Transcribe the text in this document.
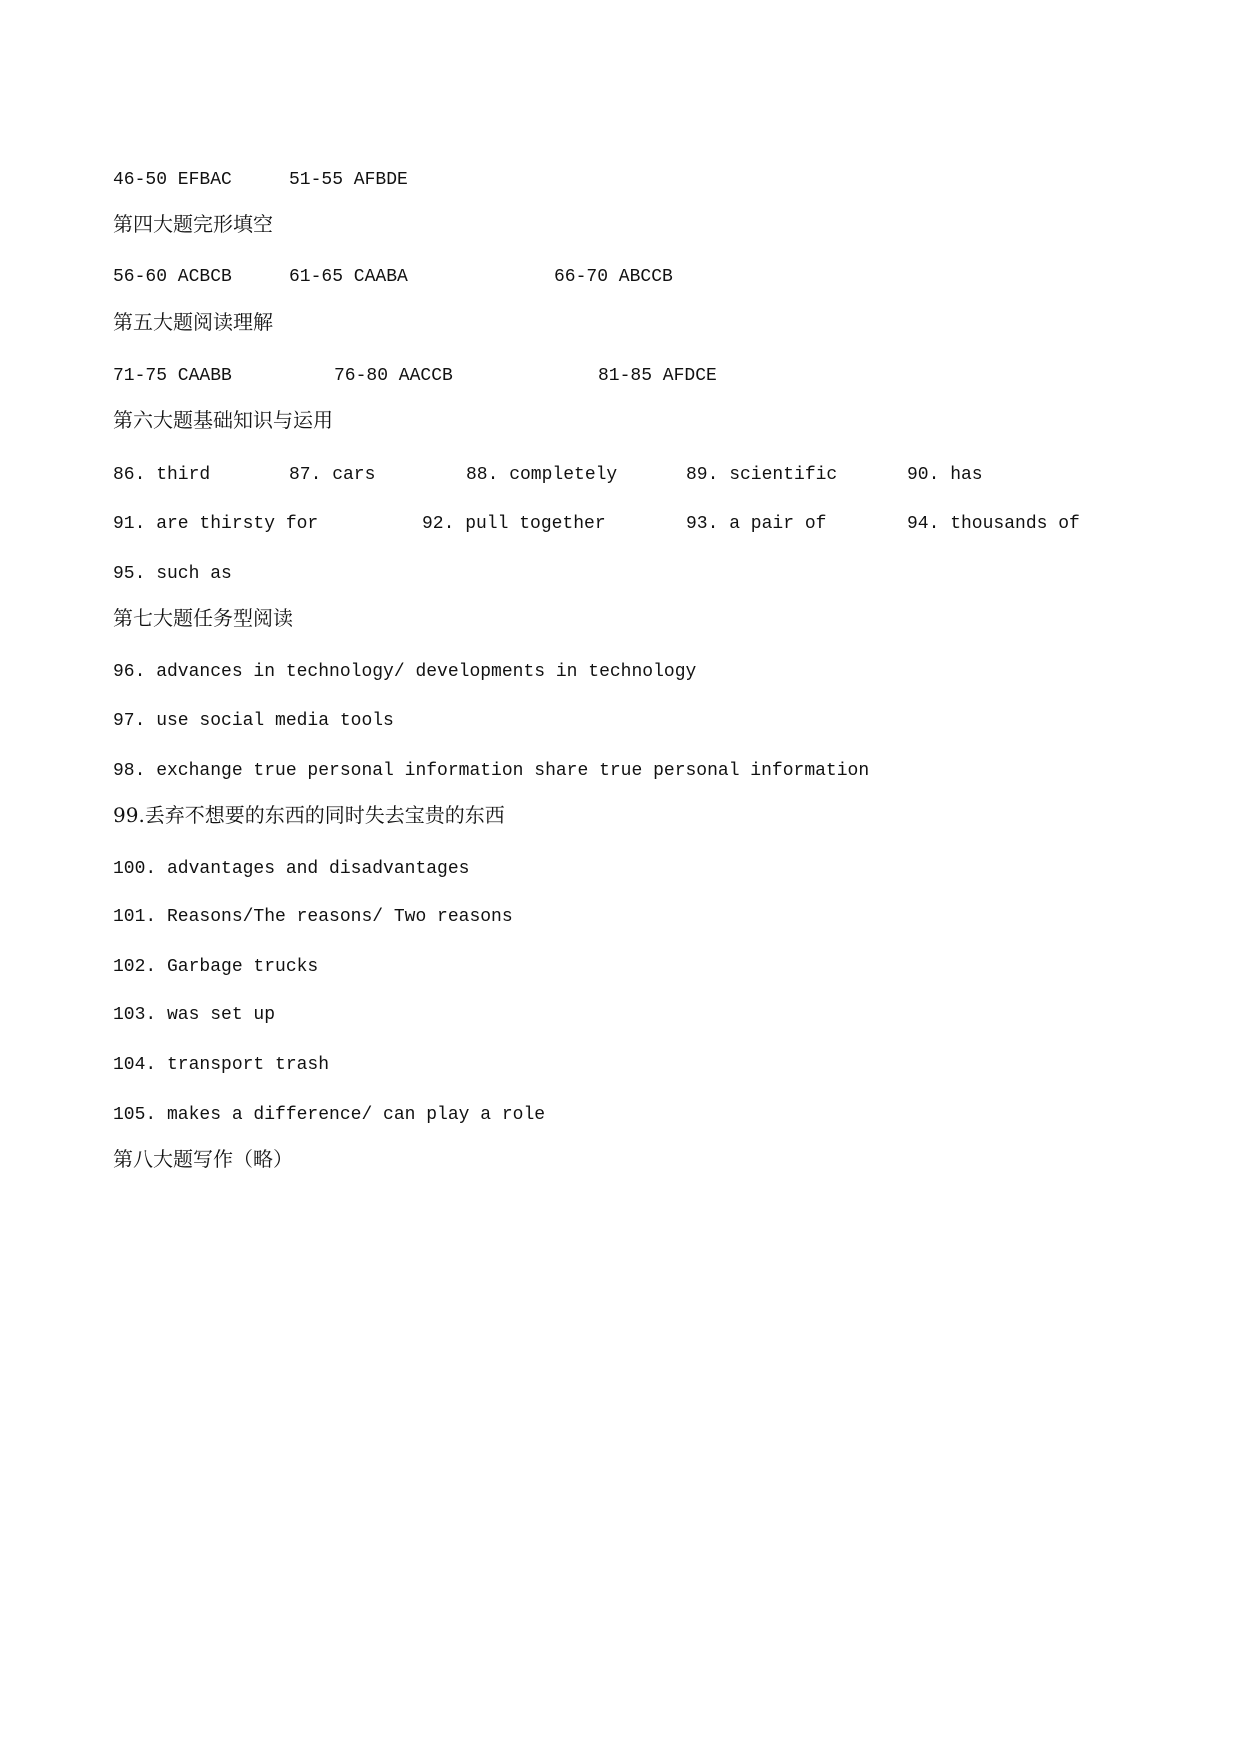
46-50 EFBAC	51-55 AFBDE
第四大题完形填空
56-60 ACBCB	61-65 CAABA	66-70 ABCCB
第五大题阅读理解
71-75 CAABB	76-80 AACCB	81-85 AFDCE
第六大题基础知识与运用
86. third	87. cars	88. completely	89. scientific	90. has
91. are thirsty for	92. pull together	93. a pair of	94. thousands of
95. such as
第七大题任务型阅读
96. advances in technology/ developments in technology
97. use social media tools
98. exchange true personal information share true personal information
99.丢弃不想要的东西的同时失去宝贵的东西
100. advantages and disadvantages
101. Reasons/The reasons/ Two reasons
102. Garbage trucks
103. was set up
104. transport trash
105. makes a difference/ can play a role
第八大题写作（略）
